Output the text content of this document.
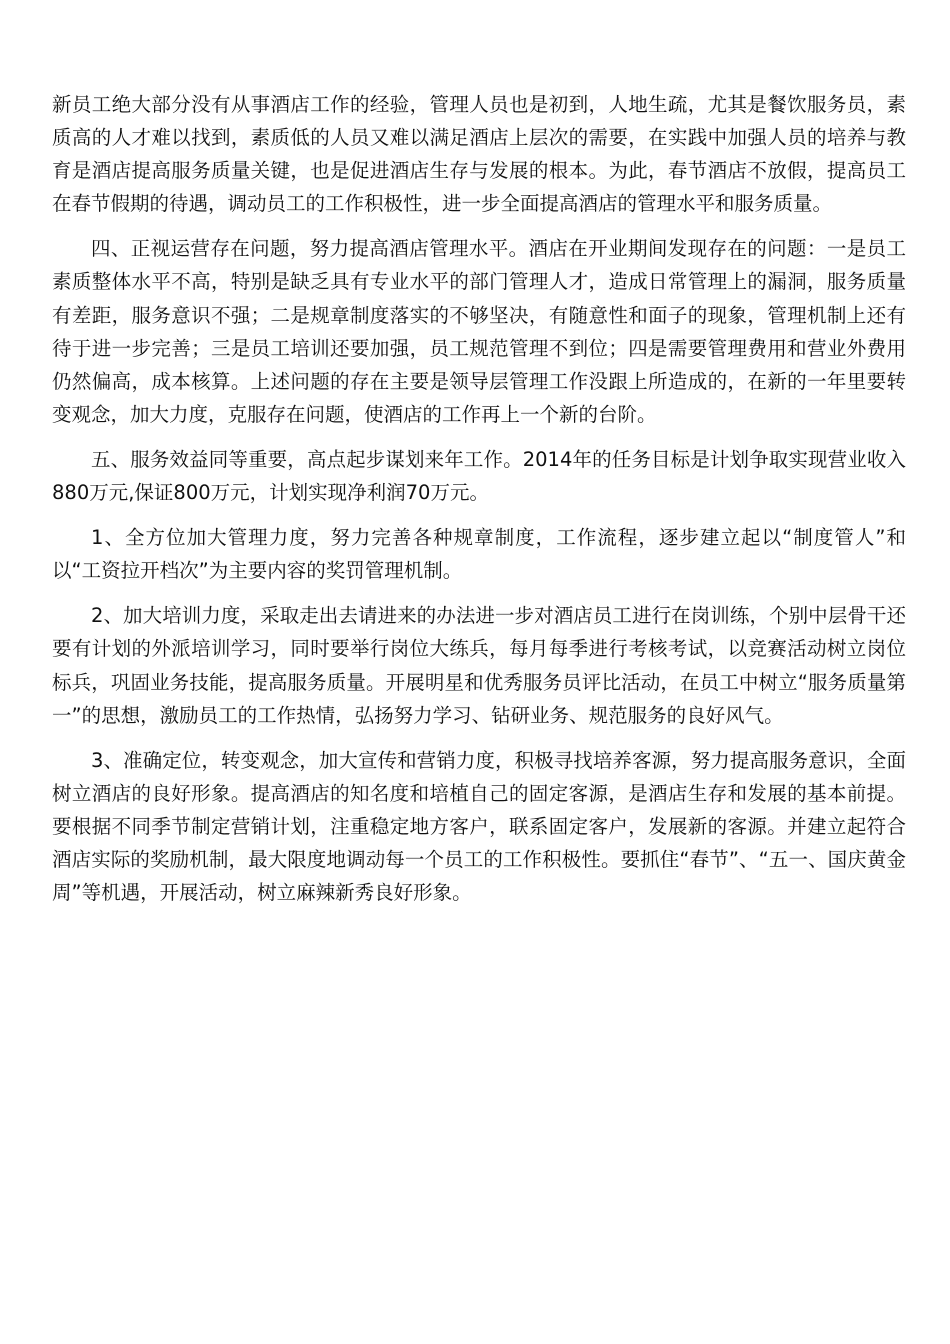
新员工绝大部分没有从事酒店工作的经验，管理人员也是初到，人地生疏，尤其是餐饮服务员，素质高的人才难以找到，素质低的人员又难以满足酒店上层次的需要，在实践中加强人员的培养与教育是酒店提高服务质量关键，也是促进酒店生存与发展的根本。为此，春节酒店不放假，提高员工在春节假期的待遇，调动员工的工作积极性，进一步全面提高酒店的管理水平和服务质量。

四、正视运营存在问题，努力提高酒店管理水平。酒店在开业期间发现存在的问题：一是员工素质整体水平不高，特别是缺乏具有专业水平的部门管理人才，造成日常管理上的漏洞，服务质量有差距，服务意识不强；二是规章制度落实的不够坚决，有随意性和面子的现象，管理机制上还有待于进一步完善；三是员工培训还要加强，员工规范管理不到位；四是需要管理费用和营业外费用仍然偏高，成本核算。上述问题的存在主要是领导层管理工作没跟上所造成的，在新的一年里要转变观念，加大力度，克服存在问题，使酒店的工作再上一个新的台阶。

五、服务效益同等重要，高点起步谋划来年工作。2014年的任务目标是计划争取实现营业收入880万元,保证800万元，计划实现净利润70万元。

1、全方位加大管理力度，努力完善各种规章制度，工作流程，逐步建立起以“制度管人”和以“工资拉开档次”为主要内容的奖罚管理机制。

2、加大培训力度，采取走出去请进来的办法进一步对酒店员工进行在岗训练，个别中层骨干还要有计划的外派培训学习，同时要举行岗位大练兵，每月每季进行考核考试，以竞赛活动树立岗位标兵，巩固业务技能，提高服务质量。开展明星和优秀服务员评比活动，在员工中树立“服务质量第一”的思想，激励员工的工作热情，弘扬努力学习、钻研业务、规范服务的良好风气。

3、准确定位，转变观念，加大宣传和营销力度，积极寻找培养客源，努力提高服务意识，全面树立酒店的良好形象。提高酒店的知名度和培植自己的固定客源，是酒店生存和发展的基本前提。要根据不同季节制定营销计划，注重稳定地方客户，联系固定客户，发展新的客源。并建立起符合酒店实际的奖励机制，最大限度地调动每一个员工的工作积极性。要抓住“春节”、“五一、国庆黄金周”等机遇，开展活动，树立麻辣新秀良好形象。
